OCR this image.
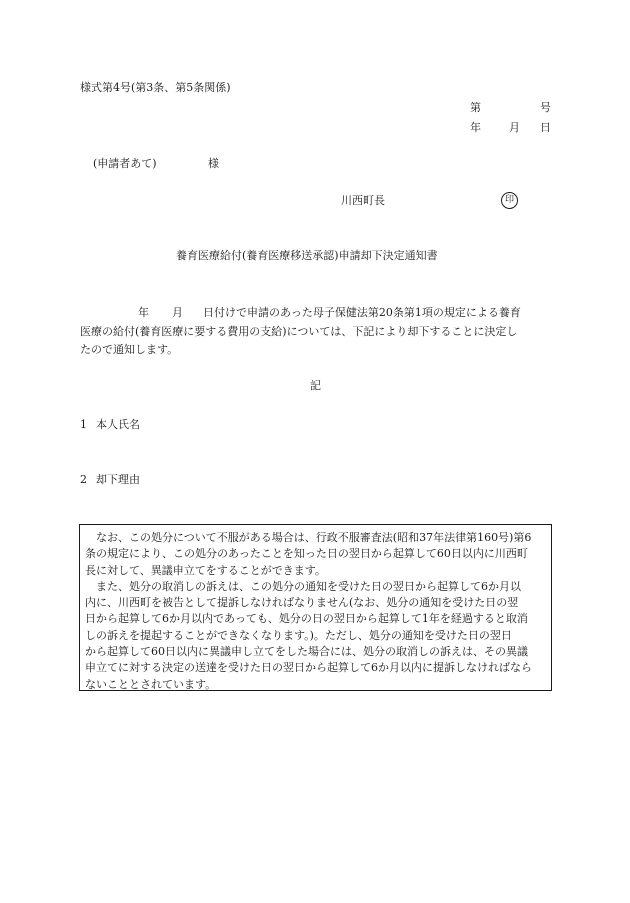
様式第4号(第3条、第5条関係)
第	号
年	月 日
(申請者あて)	様
川西町長	印
養育医療給付(養育医療移送承認)申請却下決定通知書
年 月 日付けで申請のあった母子保健法第20条第1項の規定による養育
医療の給付(養育医療に要する費用の支給)については、下記により却下することに決定し
たので通知します。
記
1 本人氏名
2 却下理由

なお、この処分について不服がある場合は、行政不服審査法(昭和37年法律第160号)第6
条の規定により、この処分のあったことを知った日の翌日から起算して60日以内に川西町
長に対して、異議申立てをすることができます。

また、処分の取消しの訴えは、この処分の通知を受けた日の翌日から起算して6か月以
内に、川西町を被告として提訴しなければなりません(なお、処分の通知を受けた日の翌
日から起算して6か月以内であっても、処分の日の翌日から起算して1年を経過すると取消
しの訴えを提起することができなくなります。)。ただし、処分の通知を受けた日の翌日
から起算して60日以内に異議申し立てをした場合には、処分の取消しの訴えは、その異議
申立てに対する決定の送達を受けた日の翌日から起算して6か月以内に提訴しなければなら
ないこととされています。
